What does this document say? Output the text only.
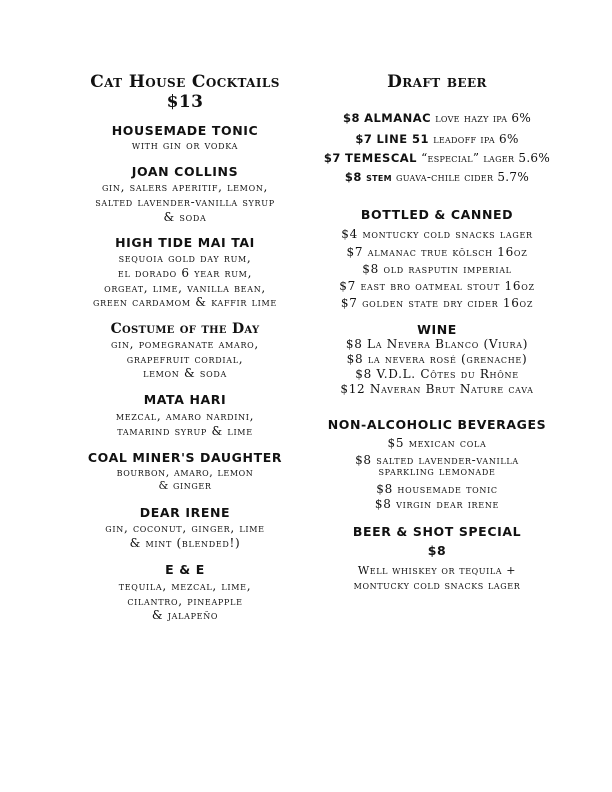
Cat House Cocktails
$13
HOUSEMADE TONIC
with gin or vodka
JOAN COLLINS
gin, salers aperitif, lemon,
salted lavender-vanilla syrup
& soda
HIGH TIDE MAI TAI
sequoia gold day rum,
el dorado 6 year rum,
orgeat, lime, vanilla bean,
green cardamom & kaffir lime
Costume of the Day
gin, pomegranate amaro,
grapefruit cordial,
lemon & soda
MATA HARI
mezcal, amaro nardini,
tamarind syrup & lime
COAL MINER'S DAUGHTER
bourbon, amaro, lemon
& ginger
DEAR IRENE
gin, coconut, ginger, lime
& mint (blended!)
E & E
tequila, mezcal, lime,
cilantro, pineapple
& jalapeño
Draft beer
$8 ALMANAC love hazy ipa 6%
$7 LINE 51 leadoff ipa 6%
$7 TEMESCAL “especial” lager 5.6%
$8 stem guava-chile cider 5.7%
BOTTLED & CANNED
$4 montucky cold snacks lager
$7 almanac true kölsch 16oz
$8 old rasputin imperial
$7 east bro oatmeal stout 16oz
$7 golden state dry cider 16oz
WINE
$8 La Nevera Blanco (Viura)
$8 la nevera rosé (grenache)
$8 V.D.L. Côtes du Rhône
$12 Naveran Brut Nature cava
NON-ALCOHOLIC BEVERAGES
$5 mexican cola
$8 salted lavender-vanilla
sparkling lemonade
$8 housemade tonic
$8 virgin dear irene
BEER & SHOT SPECIAL
$8
Well whiskey or tequila +
montucky cold snacks lager
